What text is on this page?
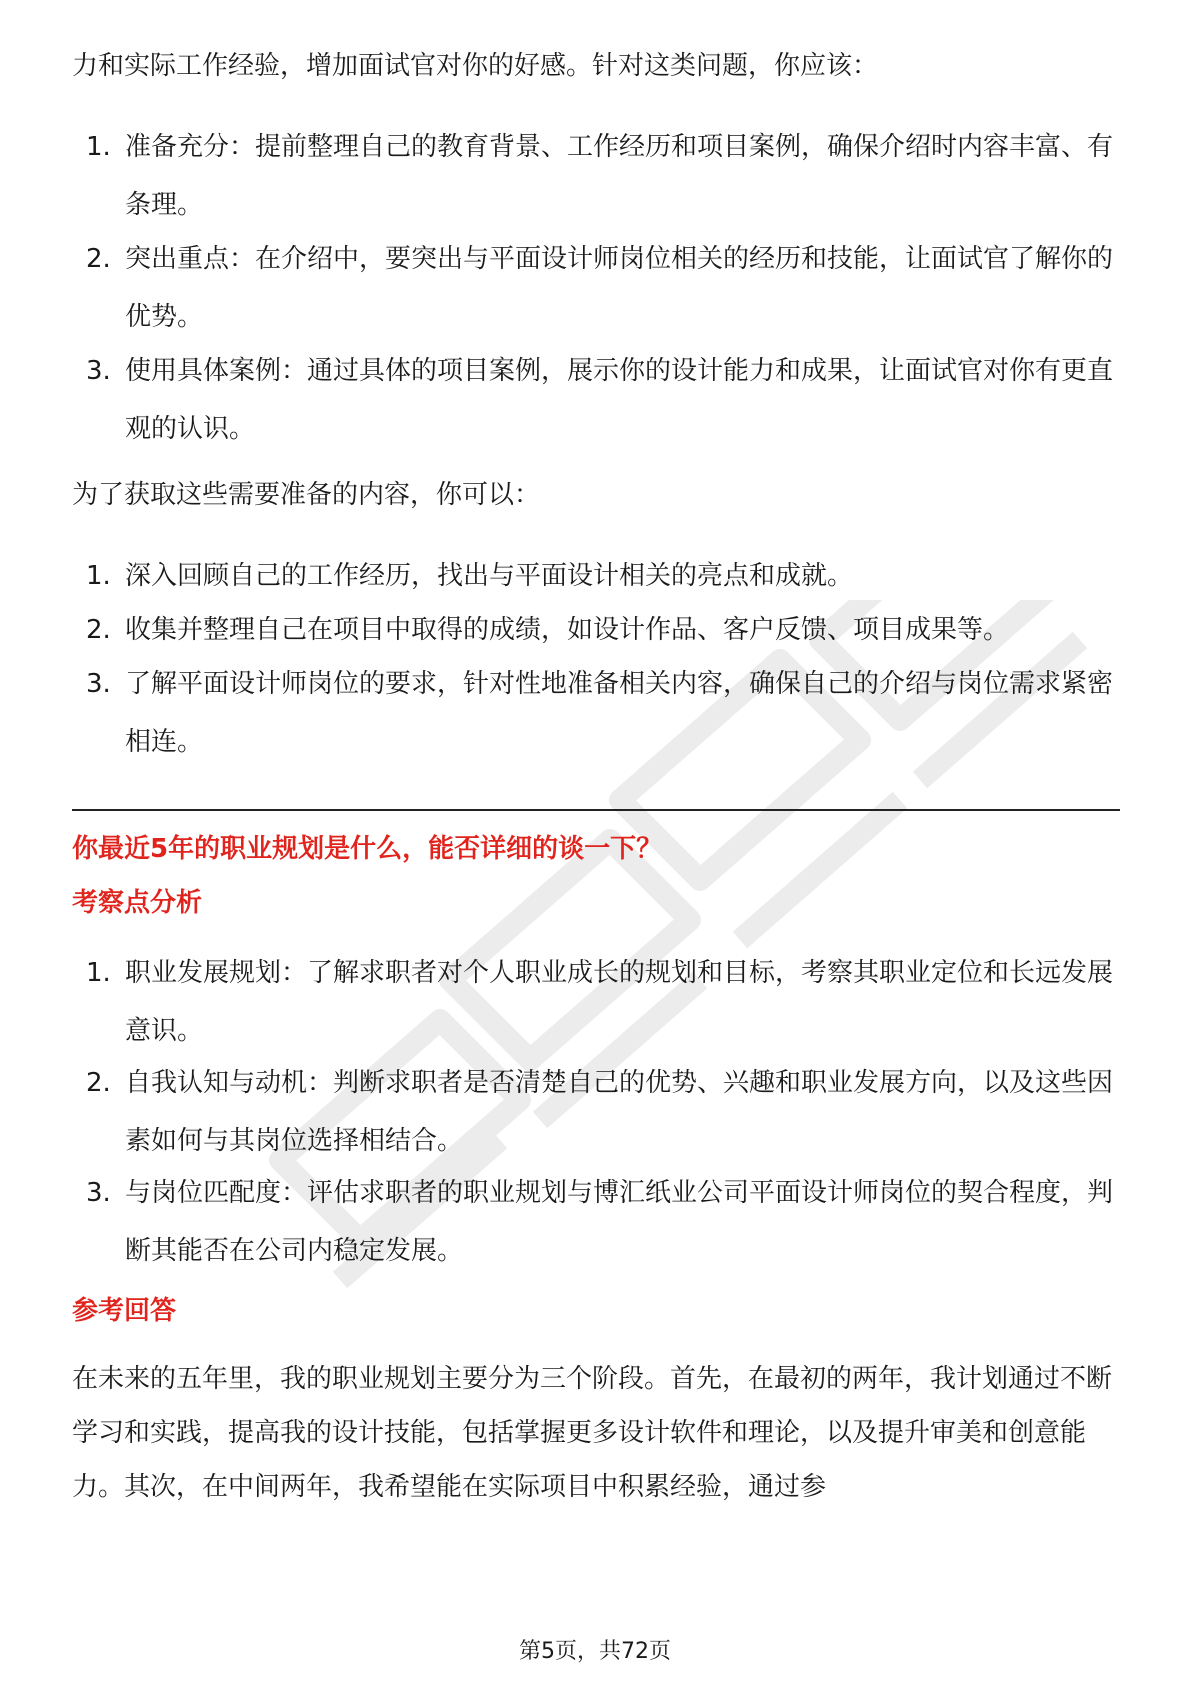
力和实际工作经验，增加面试官对你的好感。针对这类问题，你应该：

1. 准备充分：提前整理自己的教育背景、工作经历和项目案例，确保介绍时内容丰富、有条理。
2. 突出重点：在介绍中，要突出与平面设计师岗位相关的经历和技能，让面试官了解你的优势。
3. 使用具体案例：通过具体的项目案例，展示你的设计能力和成果，让面试官对你有更直观的认识。

为了获取这些需要准备的内容，你可以：

1. 深入回顾自己的工作经历，找出与平面设计相关的亮点和成就。
2. 收集并整理自己在项目中取得的成绩，如设计作品、客户反馈、项目成果等。
3. 了解平面设计师岗位的要求，针对性地准备相关内容，确保自己的介绍与岗位需求紧密相连。

你最近5年的职业规划是什么，能否详细的谈一下？

考察点分析

1. 职业发展规划：了解求职者对个人职业成长的规划和目标，考察其职业定位和长远发展意识。
2. 自我认知与动机：判断求职者是否清楚自己的优势、兴趣和职业发展方向，以及这些因素如何与其岗位选择相结合。
3. 与岗位匹配度：评估求职者的职业规划与博汇纸业公司平面设计师岗位的契合程度，判断其能否在公司内稳定发展。

参考回答

在未来的五年里，我的职业规划主要分为三个阶段。首先，在最初的两年，我计划通过不断学习和实践，提高我的设计技能，包括掌握更多设计软件和理论，以及提升审美和创意能力。其次，在中间两年，我希望能在实际项目中积累经验，通过参

第5页，共72页
